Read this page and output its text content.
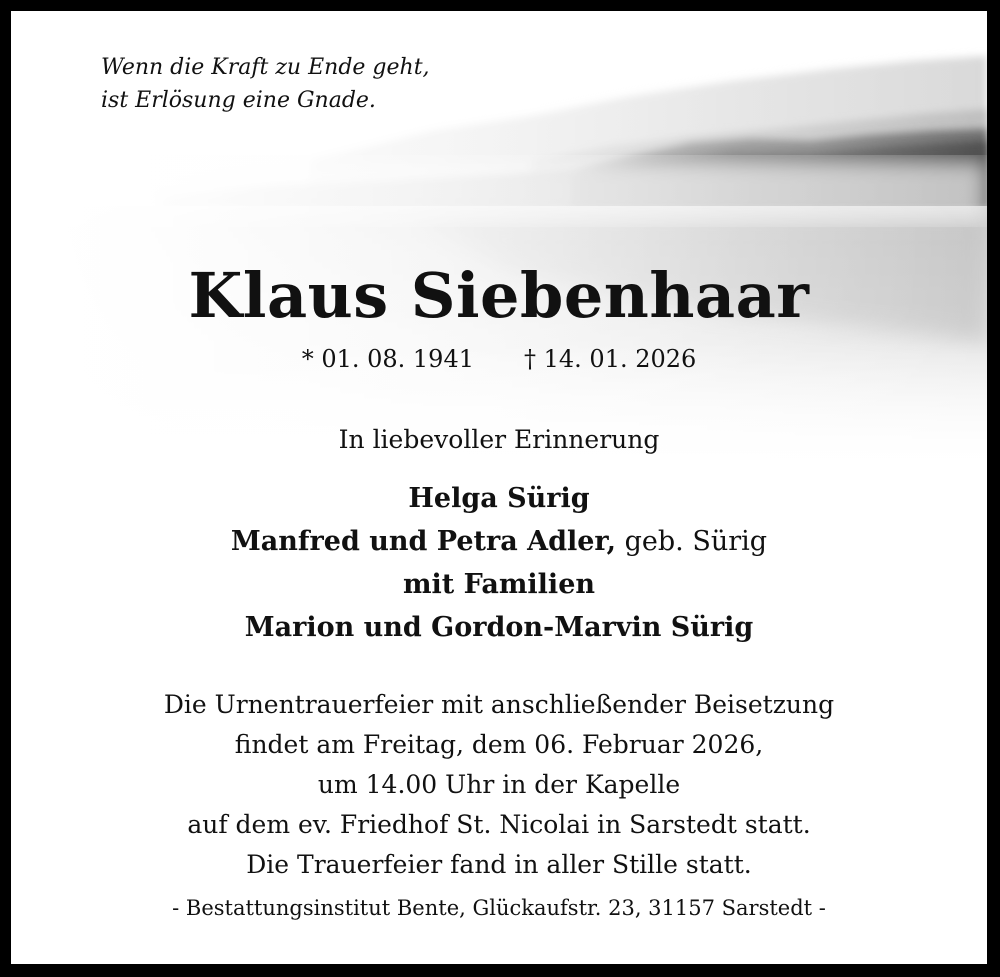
Wenn die Kraft zu Ende geht,
ist Erlösung eine Gnade.
Klaus Siebenhaar
* 01. 08. 1941 † 14. 01. 2026
In liebevoller Erinnerung
Helga Sürig
Manfred und Petra Adler, geb. Sürig
mit Familien
Marion und Gordon-Marvin Sürig
Die Urnentrauerfeier mit anschließender Beisetzung
findet am Freitag, dem 06. Februar 2026,
um 14.00 Uhr in der Kapelle
auf dem ev. Friedhof St. Nicolai in Sarstedt statt.
Die Trauerfeier fand in aller Stille statt.
- Bestattungsinstitut Bente, Glückaufstr. 23, 31157 Sarstedt -
